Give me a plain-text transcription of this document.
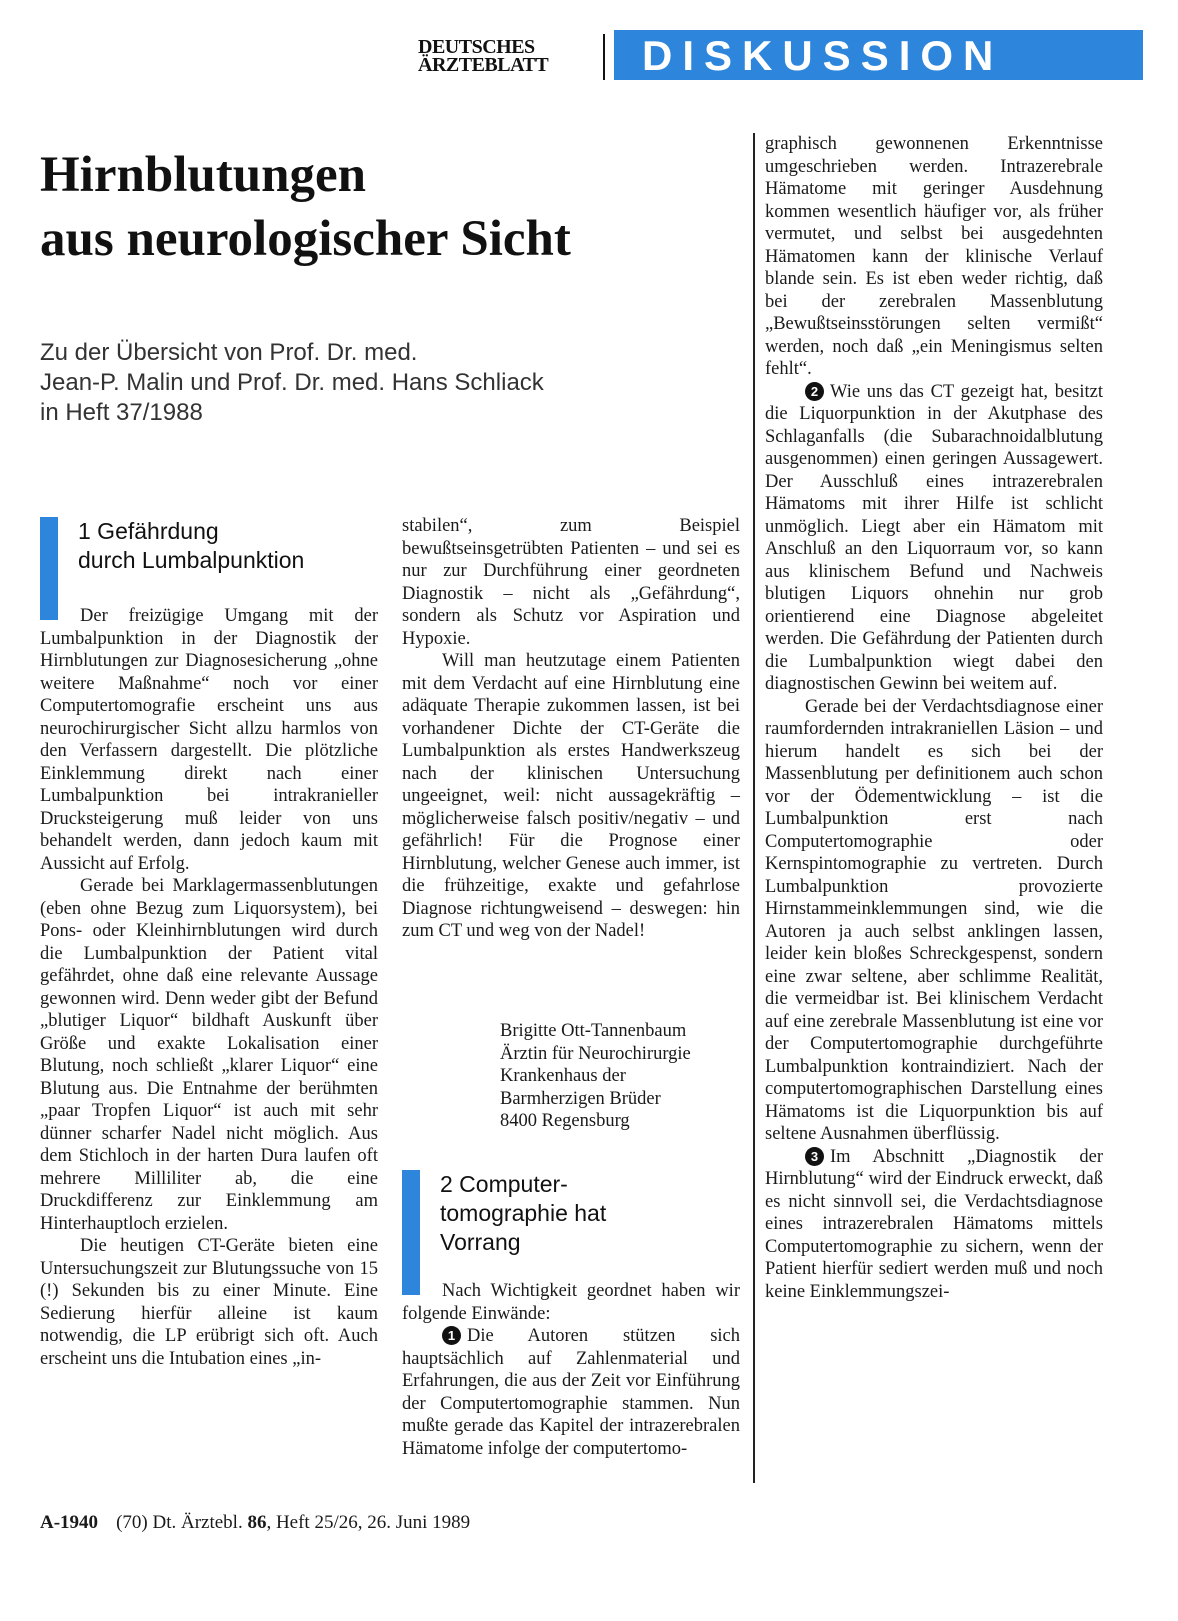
DEUTSCHES
ÄRZTEBLATT DISKUSSION
Hirnblutungen
aus neurologischer Sicht
Zu der Übersicht von Prof. Dr. med.
Jean-P. Malin und Prof. Dr. med. Hans Schliack
in Heft 37/1988
1 Gefährdung
durch Lumbalpunktion

Der freizügige Umgang mit der Lumbalpunktion in der Diagnostik der Hirnblutungen zur Diagnosesicherung „ohne weitere Maßnahme“ noch vor einer Computertomografie erscheint uns aus neurochirurgischer Sicht allzu harmlos von den Verfassern dargestellt. Die plötzliche Einklemmung direkt nach einer Lumbalpunktion bei intrakranieller Drucksteigerung muß leider von uns behandelt werden, dann jedoch kaum mit Aussicht auf Erfolg.

Gerade bei Marklagermassenblutungen (eben ohne Bezug zum Liquorsystem), bei Pons- oder Kleinhirnblutungen wird durch die Lumbalpunktion der Patient vital gefährdet, ohne daß eine relevante Aussage gewonnen wird. Denn weder gibt der Befund „blutiger Liquor“ bildhaft Auskunft über Größe und exakte Lokalisation einer Blutung, noch schließt „klarer Liquor“ eine Blutung aus. Die Entnahme der berühmten „paar Tropfen Liquor“ ist auch mit sehr dünner scharfer Nadel nicht möglich. Aus dem Stichloch in der harten Dura laufen oft mehrere Milliliter ab, die eine Druckdifferenz zur Einklemmung am Hinterhauptloch erzielen.

Die heutigen CT-Geräte bieten eine Untersuchungszeit zur Blutungssuche von 15 (!) Sekunden bis zu einer Minute. Eine Sedierung hierfür alleine ist kaum notwendig, die LP erübrigt sich oft. Auch erscheint uns die Intubation eines „in-

stabilen“, zum Beispiel bewußtseinsgetrübten Patienten – und sei es nur zur Durchführung einer geordneten Diagnostik – nicht als „Gefährdung“, sondern als Schutz vor Aspiration und Hypoxie.

Will man heutzutage einem Patienten mit dem Verdacht auf eine Hirnblutung eine adäquate Therapie zukommen lassen, ist bei vorhandener Dichte der CT-Geräte die Lumbalpunktion als erstes Handwerkszeug nach der klinischen Untersuchung ungeeignet, weil: nicht aussagekräftig – möglicherweise falsch positiv/negativ – und gefährlich! Für die Prognose einer Hirnblutung, welcher Genese auch immer, ist die frühzeitige, exakte und gefahrlose Diagnose richtungweisend – deswegen: hin zum CT und weg von der Nadel!

Brigitte Ott-Tannenbaum
Ärztin für Neurochirurgie
Krankenhaus der
Barmherzigen Brüder
8400 Regensburg
2 Computer-
tomographie hat
Vorrang

Nach Wichtigkeit geordnet haben wir folgende Einwände:

1 Die Autoren stützen sich hauptsächlich auf Zahlenmaterial und Erfahrungen, die aus der Zeit vor Einführung der Computertomographie stammen. Nun mußte gerade das Kapitel der intrazerebralen Hämatome infolge der computertomo-

graphisch gewonnenen Erkenntnisse umgeschrieben werden. Intrazerebrale Hämatome mit geringer Ausdehnung kommen wesentlich häufiger vor, als früher vermutet, und selbst bei ausgedehnten Hämatomen kann der klinische Verlauf blande sein. Es ist eben weder richtig, daß bei der zerebralen Massenblutung „Bewußtseinsstörungen selten vermißt“ werden, noch daß „ein Meningismus selten fehlt“.

2 Wie uns das CT gezeigt hat, besitzt die Liquorpunktion in der Akutphase des Schlaganfalls (die Subarachnoidalblutung ausgenommen) einen geringen Aussagewert. Der Ausschluß eines intrazerebralen Hämatoms mit ihrer Hilfe ist schlicht unmöglich. Liegt aber ein Hämatom mit Anschluß an den Liquorraum vor, so kann aus klinischem Befund und Nachweis blutigen Liquors ohnehin nur grob orientierend eine Diagnose abgeleitet werden. Die Gefährdung der Patienten durch die Lumbalpunktion wiegt dabei den diagnostischen Gewinn bei weitem auf.

Gerade bei der Verdachtsdiagnose einer raumfordernden intrakraniellen Läsion – und hierum handelt es sich bei der Massenblutung per definitionem auch schon vor der Ödementwicklung – ist die Lumbalpunktion erst nach Computertomographie oder Kernspintomographie zu vertreten. Durch Lumbalpunktion provozierte Hirnstammeinklemmungen sind, wie die Autoren ja auch selbst anklingen lassen, leider kein bloßes Schreckgespenst, sondern eine zwar seltene, aber schlimme Realität, die vermeidbar ist. Bei klinischem Verdacht auf eine zerebrale Massenblutung ist eine vor der Computertomographie durchgeführte Lumbalpunktion kontraindiziert. Nach der computertomographischen Darstellung eines Hämatoms ist die Liquorpunktion bis auf seltene Ausnahmen überflüssig.

3 Im Abschnitt „Diagnostik der Hirnblutung“ wird der Eindruck erweckt, daß es nicht sinnvoll sei, die Verdachtsdiagnose eines intrazerebralen Hämatoms mittels Computertomographie zu sichern, wenn der Patient hierfür sediert werden muß und noch keine Einklemmungszei-

A-1940 (70) Dt. Ärztebl. 86, Heft 25/26, 26. Juni 1989
